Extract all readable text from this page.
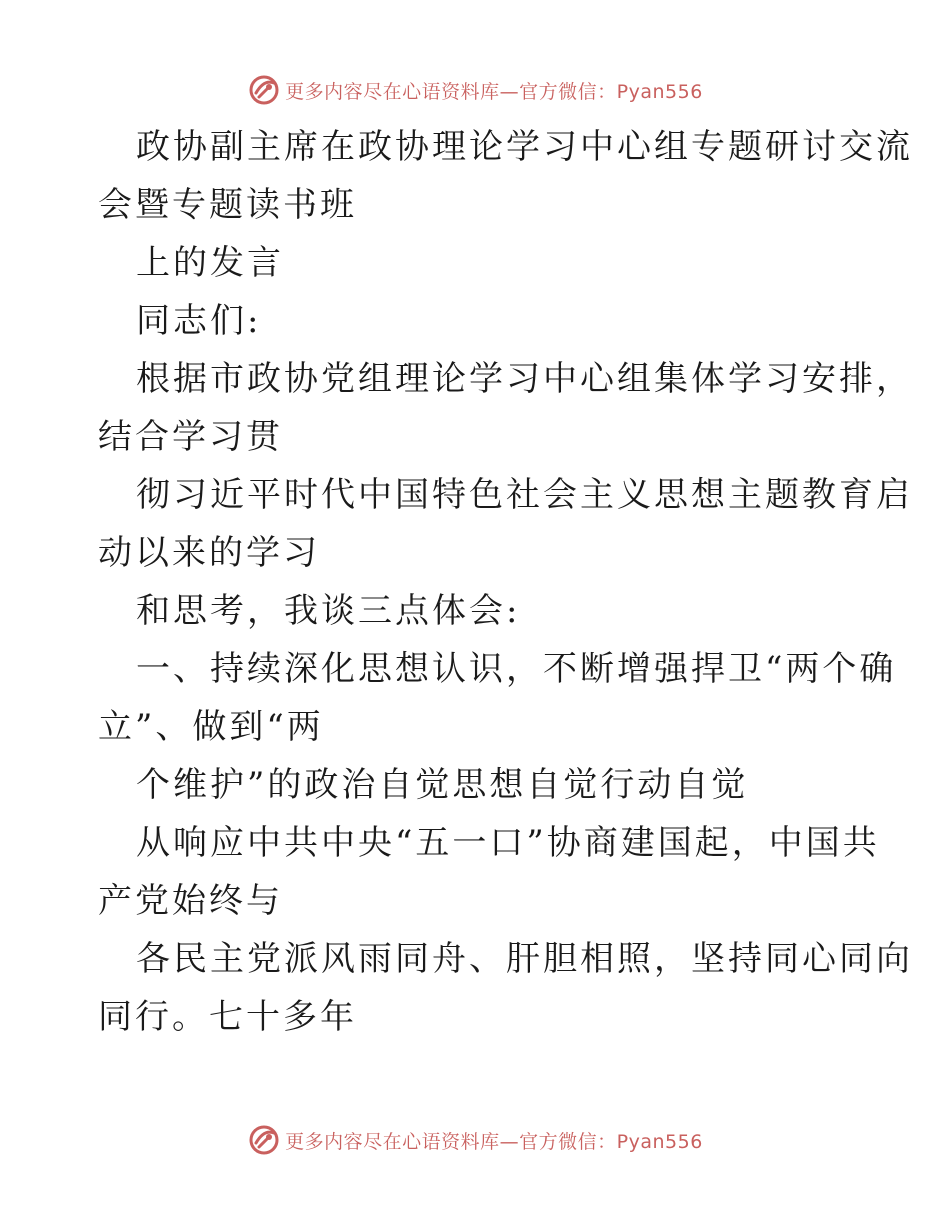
更多内容尽在心语资料库—官方微信：Pyan556
政协副主席在政协理论学习中心组专题研讨交流
会暨专题读书班
上的发言
同志们:
根据市政协党组理论学习中心组集体学习安排，
结合学习贯
彻习近平时代中国特色社会主义思想主题教育启
动以来的学习
和思考，我谈三点体会:
一、持续深化思想认识，不断增强捍卫“两个确
立”、做到“两
个维护”的政治自觉思想自觉行动自觉
从响应中共中央“五一口”协商建国起，中国共
产党始终与
各民主党派风雨同舟、肝胆相照，坚持同心同向
同行。七十多年
更多内容尽在心语资料库—官方微信：Pyan556
